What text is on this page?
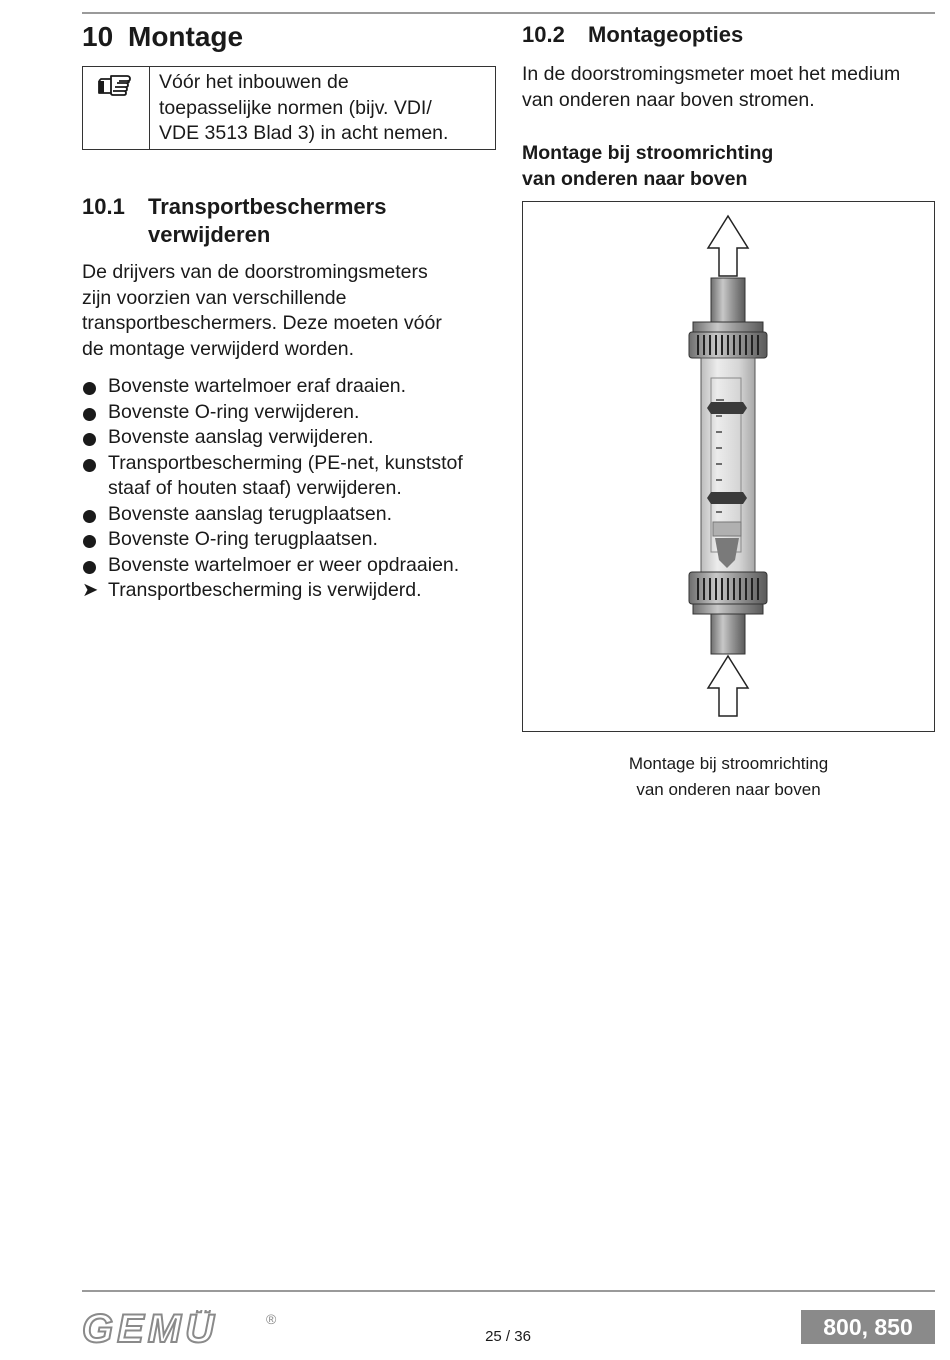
10 Montage
Vóór het inbouwen de
toepasselijke normen (bijv. VDI/
VDE 3513 Blad 3) in acht nemen.
10.1	Transportbeschermers
verwijderen

De drijvers van de doorstromingsmeters

zijn voorzien van verschillende

transportbeschermers. Deze moeten vóór

de montage verwijderd worden.

Bovenste wartelmoer eraf draaien.
Bovenste O-ring verwijderen.
Bovenste aanslag verwijderen.
Transportbescherming (PE-net, kunststof
staaf of houten staaf) verwijderen.
Bovenste aanslag terugplaatsen.
Bovenste O-ring terugplaatsen.
Bovenste wartelmoer er weer opdraaien.
➤ Transportbescherming is verwijderd.
10.2	Montageopties

In de doorstromingsmeter moet het medium

van onderen naar boven stromen.

Montage bij stroomrichting
van onderen naar boven
Montage bij stroomrichting
van onderen naar boven
GEMÜ	®
25 / 36	800, 850
